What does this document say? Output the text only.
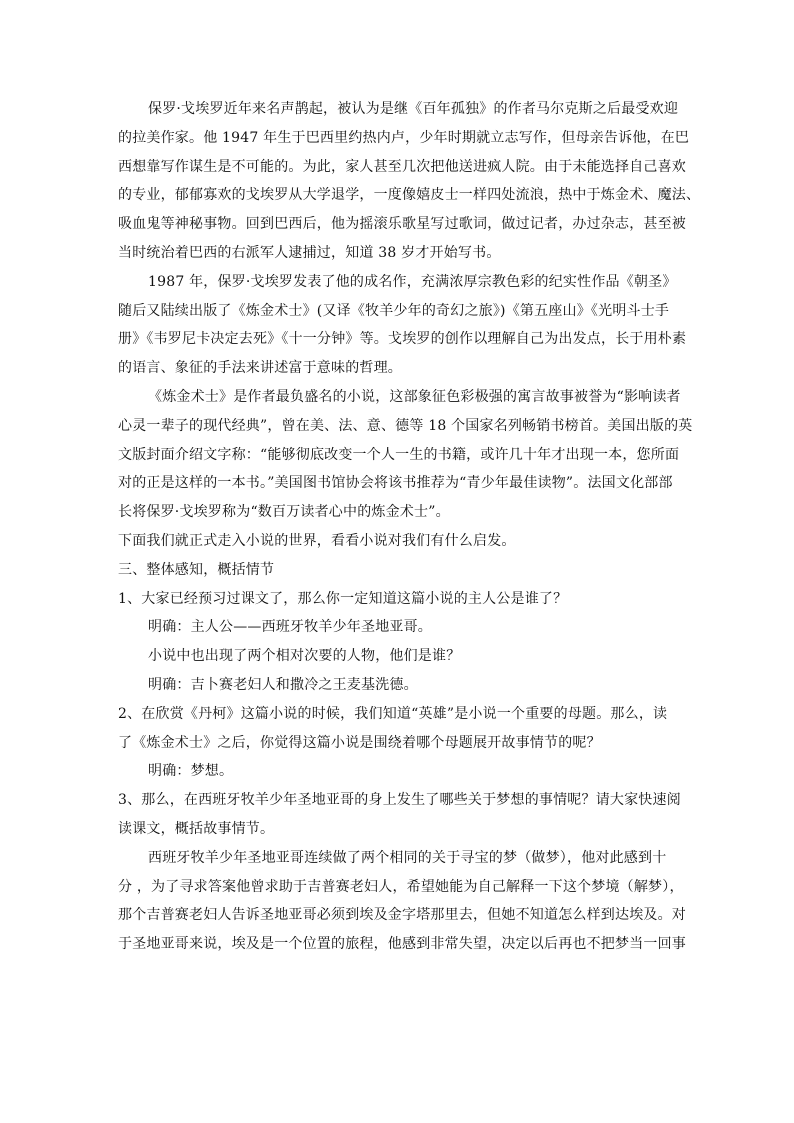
保罗·戈埃罗近年来名声鹊起，被认为是继《百年孤独》的作者马尔克斯之后最受欢迎
的拉美作家。他 1947 年生于巴西里约热内卢，少年时期就立志写作，但母亲告诉他，在巴
西想靠写作谋生是不可能的。为此，家人甚至几次把他送进疯人院。由于未能选择自己喜欢
的专业，郁郁寡欢的戈埃罗从大学退学，一度像嬉皮士一样四处流浪，热中于炼金术、魔法、
吸血鬼等神秘事物。回到巴西后，他为摇滚乐歌星写过歌词，做过记者，办过杂志，甚至被
当时统治着巴西的右派军人逮捕过，知道 38 岁才开始写书。
1987 年，保罗·戈埃罗发表了他的成名作，充满浓厚宗教色彩的纪实性作品《朝圣》
随后又陆续出版了《炼金术士》(又译《牧羊少年的奇幻之旅》)《第五座山》《光明斗士手
册》《韦罗尼卡决定去死》《十一分钟》等。戈埃罗的创作以理解自己为出发点，长于用朴素
的语言、象征的手法来讲述富于意味的哲理。
《炼金术士》是作者最负盛名的小说，这部象征色彩极强的寓言故事被誉为“影响读者
心灵一辈子的现代经典”，曾在美、法、意、德等 18 个国家名列畅销书榜首。美国出版的英
文版封面介绍文字称：“能够彻底改变一个人一生的书籍，或许几十年才出现一本，您所面
对的正是这样的一本书。”美国图书馆协会将该书推荐为“青少年最佳读物”。法国文化部部
长将保罗·戈埃罗称为“数百万读者心中的炼金术士”。
下面我们就正式走入小说的世界，看看小说对我们有什么启发。
三、整体感知，概括情节
1、大家已经预习过课文了，那么你一定知道这篇小说的主人公是谁了？
明确：主人公——西班牙牧羊少年圣地亚哥。
小说中也出现了两个相对次要的人物，他们是谁？
明确：吉卜赛老妇人和撒冷之王麦基洗德。
2、在欣赏《丹柯》这篇小说的时候，我们知道“英雄”是小说一个重要的母题。那么，读
了《炼金术士》之后，你觉得这篇小说是围绕着哪个母题展开故事情节的呢？
明确：梦想。
3、那么，在西班牙牧羊少年圣地亚哥的身上发生了哪些关于梦想的事情呢？请大家快速阅
读课文，概括故事情节。
西班牙牧羊少年圣地亚哥连续做了两个相同的关于寻宝的梦（做梦），他对此感到十
分 ，为了寻求答案他曾求助于吉普赛老妇人，希望她能为自己解释一下这个梦境（解梦），
那个吉普赛老妇人告诉圣地亚哥必须到埃及金字塔那里去，但她不知道怎么样到达埃及。对
于圣地亚哥来说，埃及是一个位置的旅程，他感到非常失望，决定以后再也不把梦当一回事
